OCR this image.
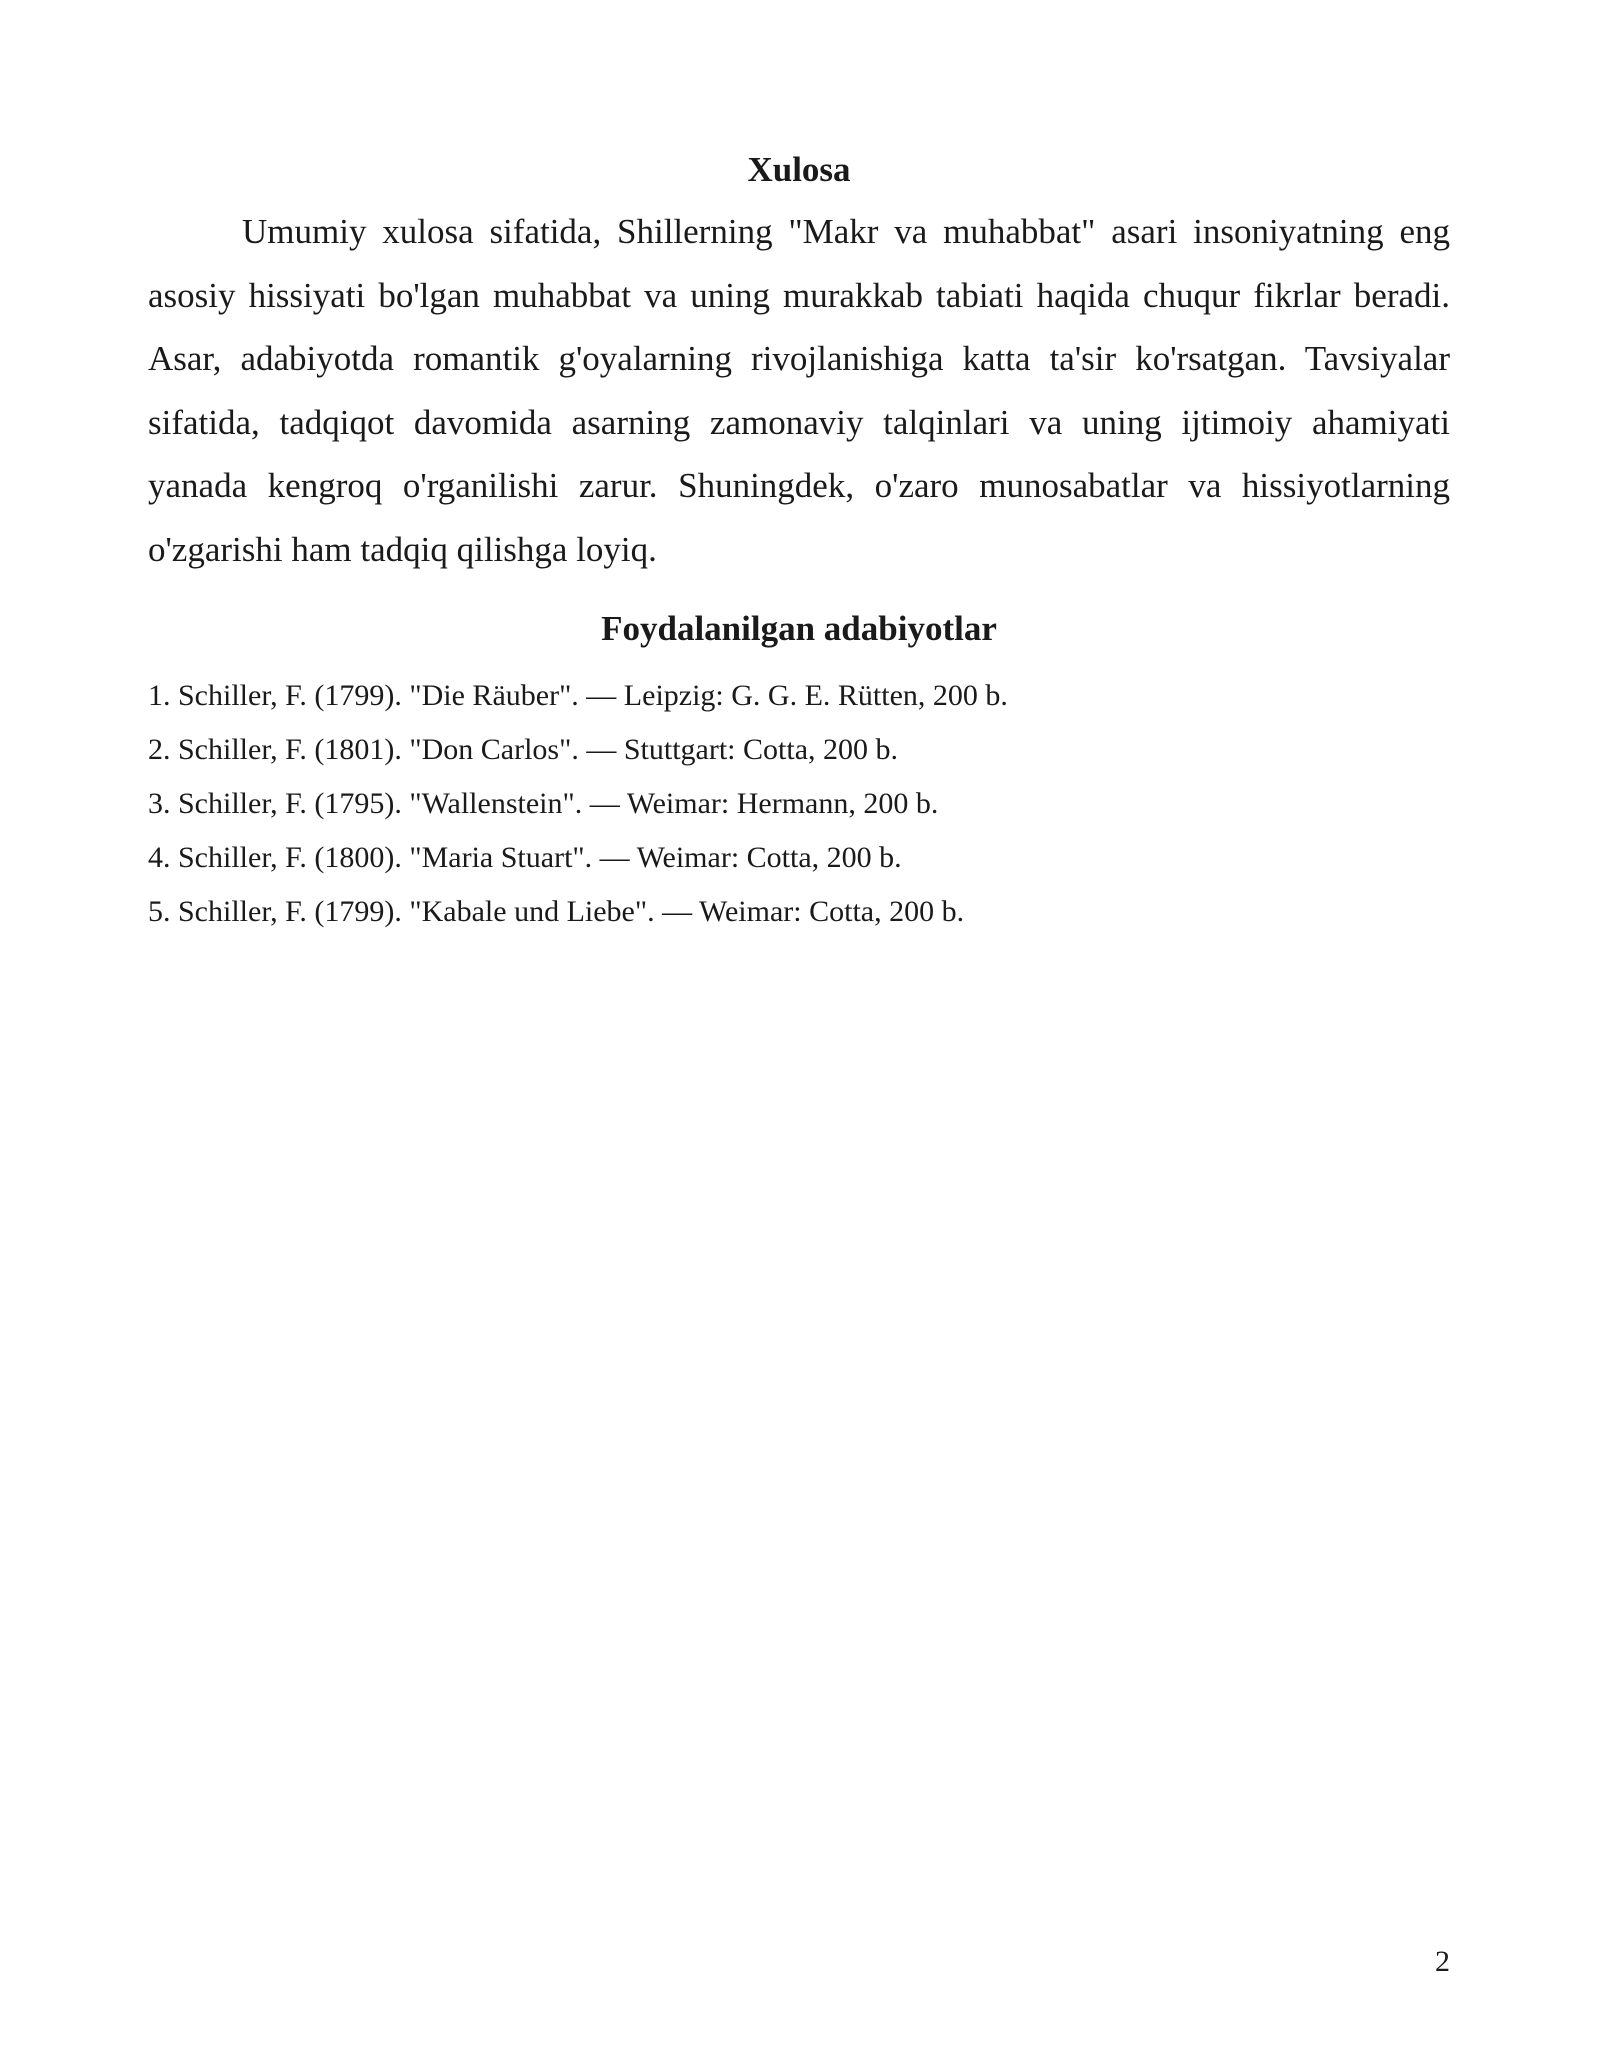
Xulosa

Umumiy xulosa sifatida, Shillerning "Makr va muhabbat" asari insoniyatning eng asosiy hissiyati bo'lgan muhabbat va uning murakkab tabiati haqida chuqur fikrlar beradi. Asar, adabiyotda romantik g'oyalarning rivojlanishiga katta ta'sir ko'rsatgan. Tavsiyalar sifatida, tadqiqot davomida asarning zamonaviy talqinlari va uning ijtimoiy ahamiyati yanada kengroq o'rganilishi zarur. Shuningdek, o'zaro munosabatlar va hissiyotlarning o'zgarishi ham tadqiq qilishga loyiq.

Foydalanilgan adabiyotlar
1. Schiller, F. (1799). "Die Räuber". — Leipzig: G. G. E. Rütten, 200 b.
2. Schiller, F. (1801). "Don Carlos". — Stuttgart: Cotta, 200 b.
3. Schiller, F. (1795). "Wallenstein". — Weimar: Hermann, 200 b.
4. Schiller, F. (1800). "Maria Stuart". — Weimar: Cotta, 200 b.
5. Schiller, F. (1799). "Kabale und Liebe". — Weimar: Cotta, 200 b.
2
